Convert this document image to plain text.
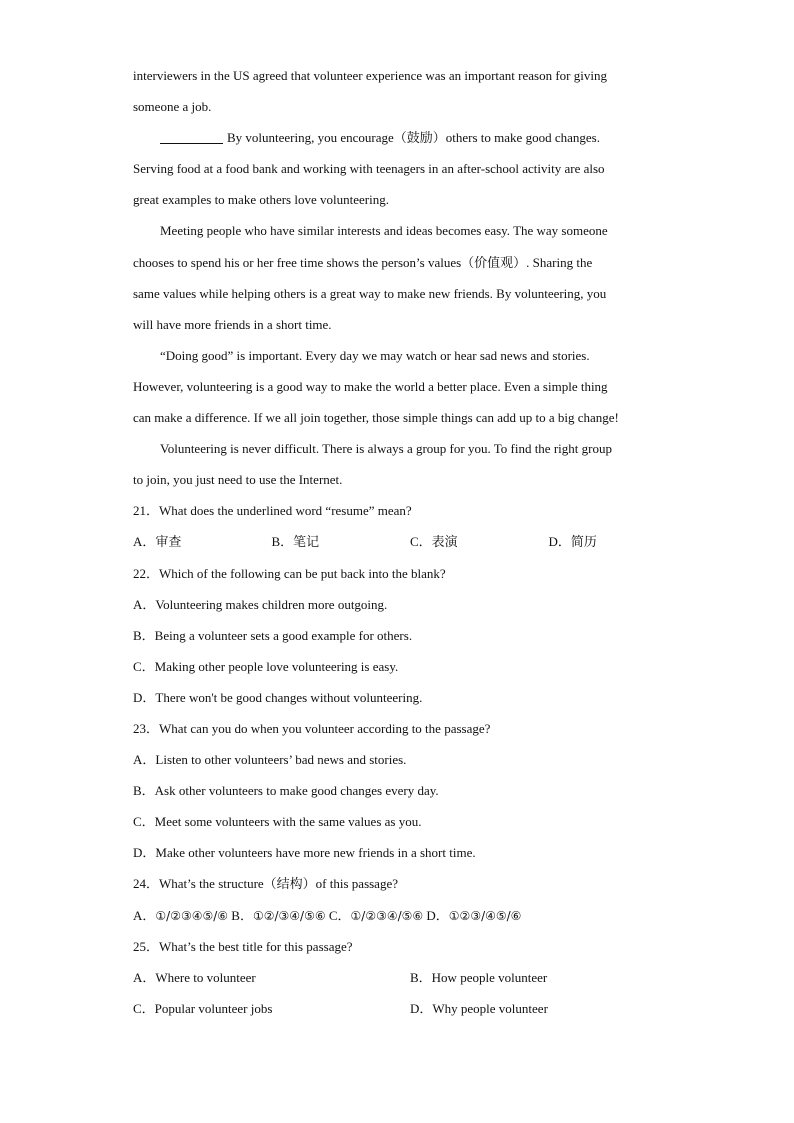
interviewers in the US agreed that volunteer experience was an important reason for giving
someone a job.
By volunteering, you encourage（鼓励）others to make good changes.
Serving food at a food bank and working with teenagers in an after-school activity are also
great examples to make others love volunteering.
Meeting people who have similar interests and ideas becomes easy. The way someone
chooses to spend his or her free time shows the person’s values（价值观）. Sharing the
same values while helping others is a great way to make new friends. By volunteering, you
will have more friends in a short time.
“Doing good” is important. Every day we may watch or hear sad news and stories.
However, volunteering is a good way to make the world a better place. Even a simple thing
can make a difference. If we all join together, those simple things can add up to a big change!
Volunteering is never difficult. There is always a group for you. To find the right group
to join, you just need to use the Internet.
21．What does the underlined word “resume” mean?
A．审查	B．笔记	C．表演	D．简历
22．Which of the following can be put back into the blank?
A．Volunteering makes children more outgoing.
B．Being a volunteer sets a good example for others.
C．Making other people love volunteering is easy.
D．There won't be good changes without volunteering.
23．What can you do when you volunteer according to the passage?
A．Listen to other volunteers’ bad news and stories.
B．Ask other volunteers to make good changes every day.
C．Meet some volunteers with the same values as you.
D．Make other volunteers have more new friends in a short time.
24．What’s the structure（结构）of this passage?
A．①/②③④⑤/⑥ B．①②/③④/⑤⑥ C．①/②③④/⑤⑥ D．①②③/④⑤/⑥
25．What’s the best title for this passage?
A．Where to volunteer	B．How people volunteer
C．Popular volunteer jobs	D．Why people volunteer
